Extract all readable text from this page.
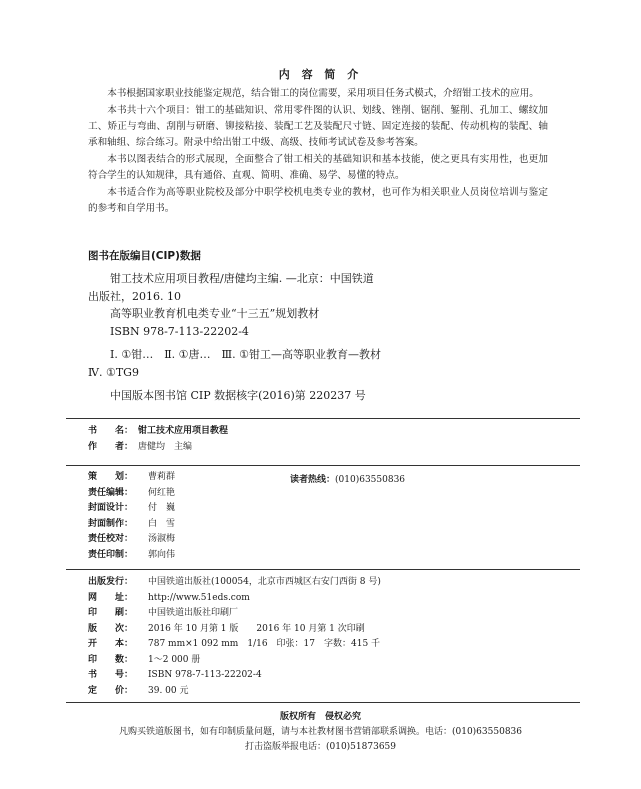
内 容 简 介

本书根据国家职业技能鉴定规范，结合钳工的岗位需要，采用项目任务式模式，介绍钳工技术的应用。

本书共十六个项目：钳工的基础知识、常用零件图的认识、划线、锉削、锯削、錾削、孔加工、螺纹加工、矫正与弯曲、刮削与研磨、铆接粘接、装配工艺及装配尺寸链、固定连接的装配、传动机构的装配、轴承和轴组、综合练习。附录中给出钳工中级、高级、技师考试试卷及参考答案。

本书以图表结合的形式展现，全面整合了钳工相关的基础知识和基本技能，使之更具有实用性，也更加符合学生的认知规律，具有通俗、直观、简明、准确、易学、易懂的特点。

本书适合作为高等职业院校及部分中职学校机电类专业的教材，也可作为相关职业人员岗位培训与鉴定的参考和自学用书。

图书在版编目(CIP)数据
钳工技术应用项目教程/唐健均主编. —北京：中国铁道
出版社，2016. 10
高等职业教育机电类专业“十三五”规划教材
ISBN 978-7-113-22202-4
Ⅰ. ①钳…　Ⅱ. ①唐…　Ⅲ. ①钳工—高等职业教育—教材
Ⅳ. ①TG9
中国版本图书馆 CIP 数据核字(2016)第 220237 号
书　　名： 钳工技术应用项目教程
作　　者： 唐健均　主编
策　　划：	曹莉群
责任编辑：	何红艳
封面设计：	付　巍
封面制作：	白　雪
责任校对：	汤淑梅
责任印制：	郭向伟
读者热线：(010)63550836
出版发行：	中国铁道出版社(100054，北京市西城区右安门西街 8 号)
网　　址：	http://www.51eds.com
印　　刷：	中国铁道出版社印刷厂
版　　次：	2016 年 10 月第 1 版　　2016 年 10 月第 1 次印刷
开　　本：	787 mm×1 092 mm　1/16　印张：17　字数：415 千
印　　数：	1～2 000 册
书　　号：	ISBN 978-7-113-22202-4
定　　价：	39. 00 元
版权所有　侵权必究
凡购买铁道版图书，如有印制质量问题，请与本社教材图书营销部联系调换。电话：(010)63550836
打击盗版举报电话：(010)51873659
